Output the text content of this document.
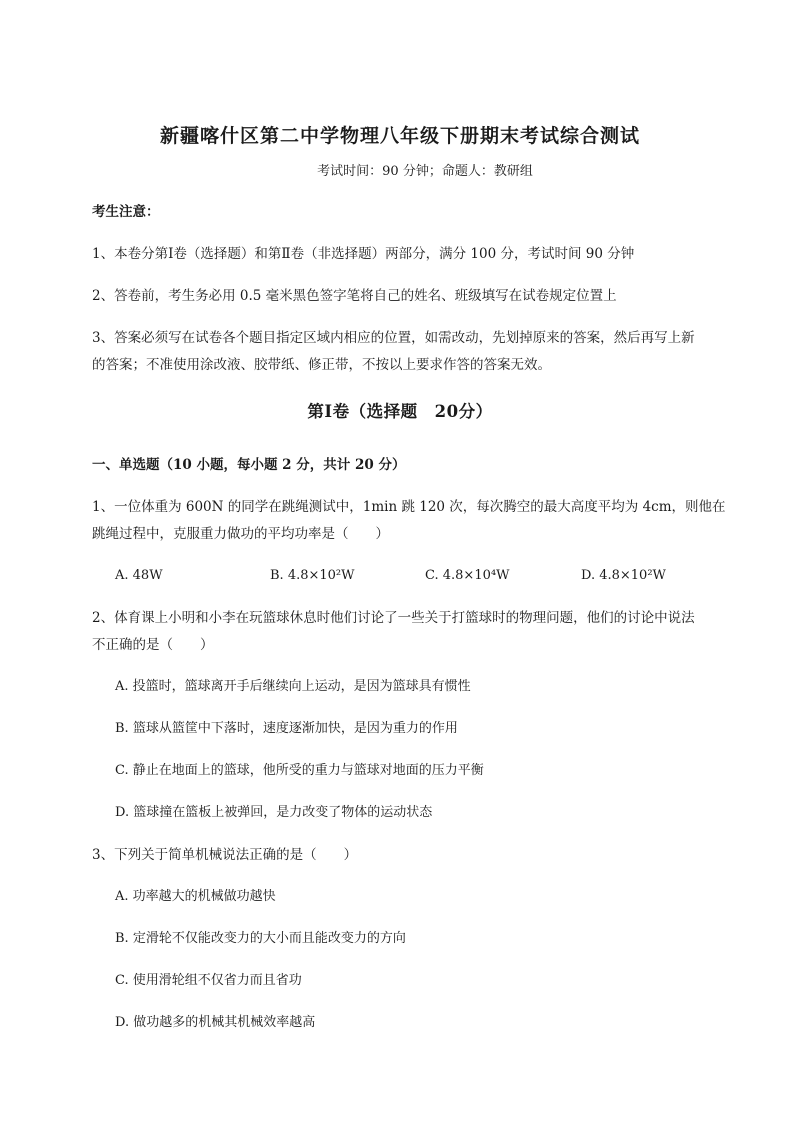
新疆喀什区第二中学物理八年级下册期末考试综合测试
考试时间：90 分钟；命题人：教研组
考生注意：
1、本卷分第Ⅰ卷（选择题）和第Ⅱ卷（非选择题）两部分，满分 100 分，考试时间 90 分钟
2、答卷前，考生务必用 0.5 毫米黑色签字笔将自己的姓名、班级填写在试卷规定位置上
3、答案必须写在试卷各个题目指定区域内相应的位置，如需改动，先划掉原来的答案，然后再写上新
的答案；不准使用涂改液、胶带纸、修正带，不按以上要求作答的答案无效。
第Ⅰ卷（选择题　20分）
一、单选题（10 小题，每小题 2 分，共计 20 分）
1、一位体重为 600N 的同学在跳绳测试中，1min 跳 120 次，每次腾空的最大高度平均为 4cm，则他在
跳绳过程中，克服重力做功的平均功率是（　　）
A. 48W	B. 4.8×10²W	C. 4.8×10⁴W	D. 4.8×10²W
2、体育课上小明和小李在玩篮球休息时他们讨论了一些关于打篮球时的物理问题，他们的讨论中说法
不正确的是（　　）
A. 投篮时，篮球离开手后继续向上运动，是因为篮球具有惯性
B. 篮球从篮筐中下落时，速度逐渐加快，是因为重力的作用
C. 静止在地面上的篮球，他所受的重力与篮球对地面的压力平衡
D. 篮球撞在篮板上被弹回，是力改变了物体的运动状态
3、下列关于简单机械说法正确的是（　　）
A. 功率越大的机械做功越快
B. 定滑轮不仅能改变力的大小而且能改变力的方向
C. 使用滑轮组不仅省力而且省功
D. 做功越多的机械其机械效率越高
